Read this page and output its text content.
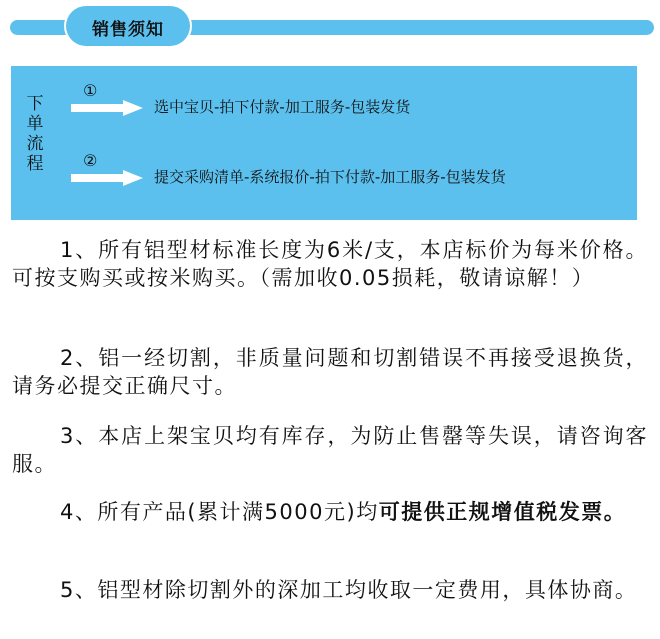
销售须知
下
单
流
程
①
选中宝贝-拍下付款-加工服务-包装发货
②
提交采购清单-系统报价-拍下付款-加工服务-包装发货
1、所有铝型材标准长度为6米/支，本店标价为每米价格。可按支购买或按米购买。（需加收0.05损耗，敬请谅解！）
2、铝一经切割，非质量问题和切割错误不再接受退换货，请务必提交正确尺寸。
3、本店上架宝贝均有库存，为防止售罄等失误，请咨询客服。
4、所有产品(累计满5000元)均可提供正规增值税发票。
5、铝型材除切割外的深加工均收取一定费用，具体协商。
